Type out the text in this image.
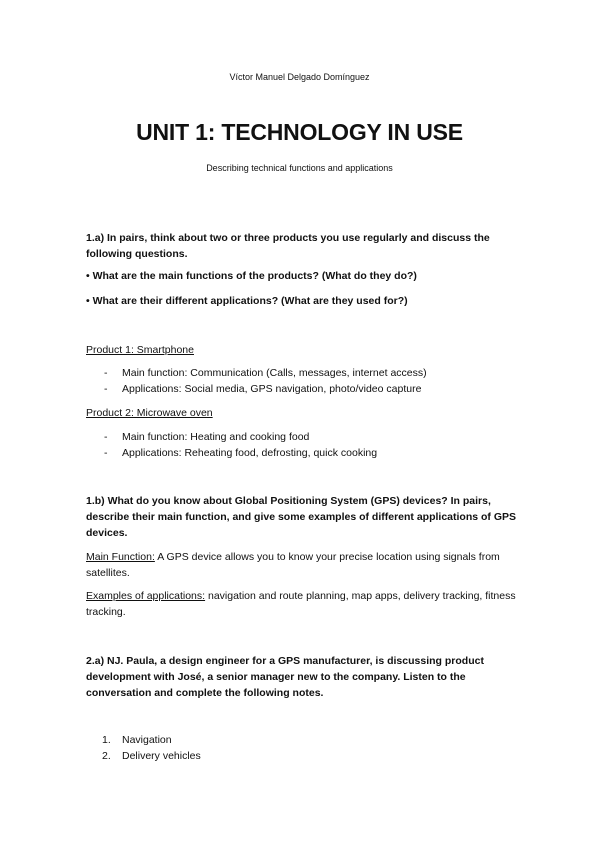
Víctor Manuel Delgado Domínguez
UNIT 1: TECHNOLOGY IN USE
Describing technical functions and applications
1.a) In pairs, think about two or three products you use regularly and discuss the following questions.
• What are the main functions of the products? (What do they do?)
• What are their different applications? (What are they used for?)
Product 1: Smartphone
- Main function: Communication (Calls, messages, internet access)
- Applications: Social media, GPS navigation, photo/video capture
Product 2: Microwave oven
- Main function: Heating and cooking food
- Applications: Reheating food, defrosting, quick cooking
1.b) What do you know about Global Positioning System (GPS) devices? In pairs, describe their main function, and give some examples of different applications of GPS devices.
Main Function: A GPS device allows you to know your precise location using signals from satellites.
Examples of applications: navigation and route planning, map apps, delivery tracking, fitness tracking.
2.a) NJ. Paula, a design engineer for a GPS manufacturer, is discussing product development with José, a senior manager new to the company. Listen to the conversation and complete the following notes.
1. Navigation
2. Delivery vehicles
